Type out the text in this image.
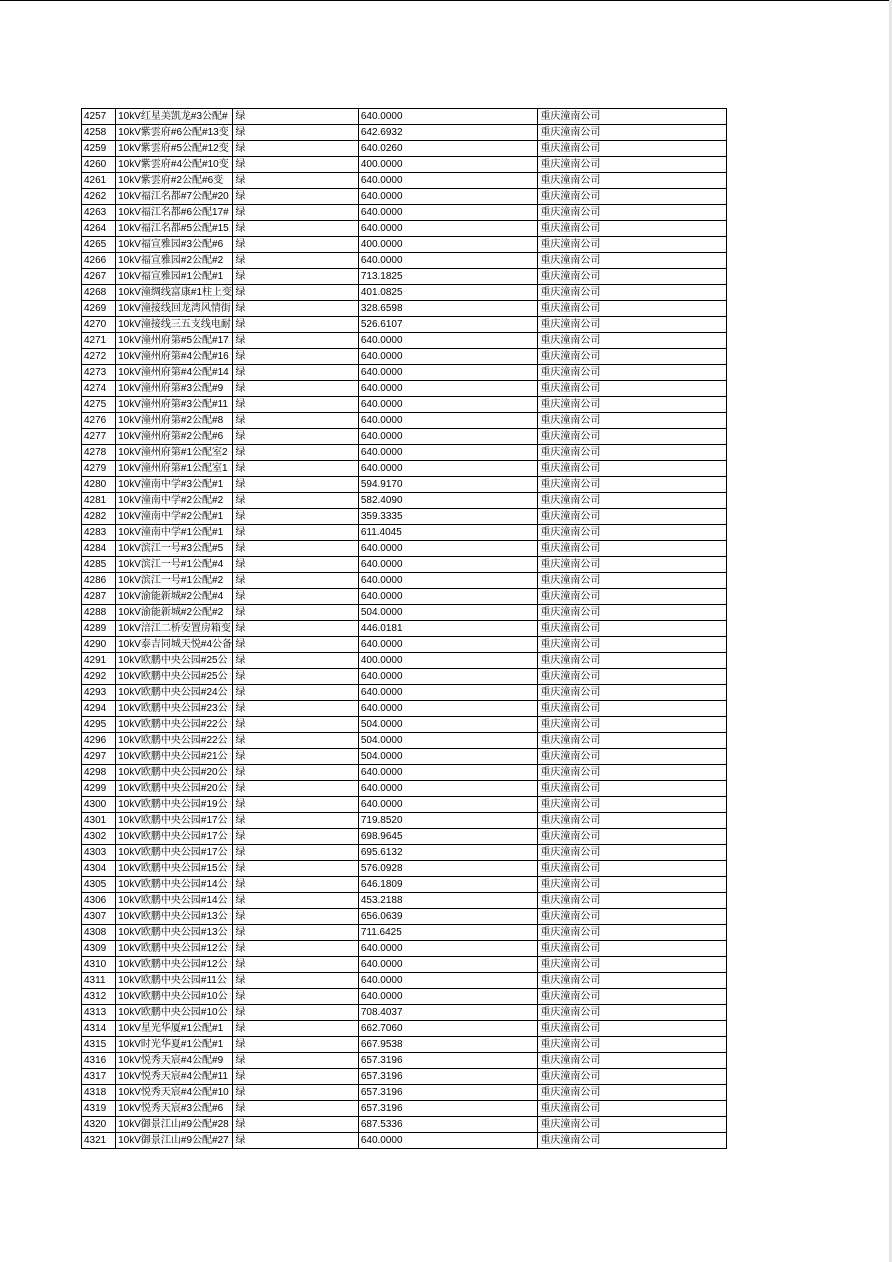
4257	10kV红星美凯龙#3公配#	绿	640.0000	重庆潼南公司
4258	10kV紫雲府#6公配#13变	绿	642.6932	重庆潼南公司
4259	10kV紫雲府#5公配#12变	绿	640.0260	重庆潼南公司
4260	10kV紫雲府#4公配#10变	绿	400.0000	重庆潼南公司
4261	10kV紫雲府#2公配#6变	绿	640.0000	重庆潼南公司
4262	10kV福江名都#7公配#20	绿	640.0000	重庆潼南公司
4263	10kV福江名都#6公配17#	绿	640.0000	重庆潼南公司
4264	10kV福江名都#5公配#15	绿	640.0000	重庆潼南公司
4265	10kV福宣雅园#3公配#6	绿	400.0000	重庆潼南公司
4266	10kV福宣雅园#2公配#2	绿	640.0000	重庆潼南公司
4267	10kV福宣雅园#1公配#1	绿	713.1825	重庆潼南公司
4268	10kV潼绸线富康#1柱上变	绿	401.0825	重庆潼南公司
4269	10kV潼接线回龙湾风情街	绿	328.6598	重庆潼南公司
4270	10kV潼接线三五支线电耐	绿	526.6107	重庆潼南公司
4271	10kV潼州府第#5公配#17	绿	640.0000	重庆潼南公司
4272	10kV潼州府第#4公配#16	绿	640.0000	重庆潼南公司
4273	10kV潼州府第#4公配#14	绿	640.0000	重庆潼南公司
4274	10kV潼州府第#3公配#9	绿	640.0000	重庆潼南公司
4275	10kV潼州府第#3公配#11	绿	640.0000	重庆潼南公司
4276	10kV潼州府第#2公配#8	绿	640.0000	重庆潼南公司
4277	10kV潼州府第#2公配#6	绿	640.0000	重庆潼南公司
4278	10kV潼州府第#1公配室2	绿	640.0000	重庆潼南公司
4279	10kV潼州府第#1公配室1	绿	640.0000	重庆潼南公司
4280	10kV潼南中学#3公配#1	绿	594.9170	重庆潼南公司
4281	10kV潼南中学#2公配#2	绿	582.4090	重庆潼南公司
4282	10kV潼南中学#2公配#1	绿	359.3335	重庆潼南公司
4283	10kV潼南中学#1公配#1	绿	611.4045	重庆潼南公司
4284	10kV滨江一号#3公配#5	绿	640.0000	重庆潼南公司
4285	10kV滨江一号#1公配#4	绿	640.0000	重庆潼南公司
4286	10kV滨江一号#1公配#2	绿	640.0000	重庆潼南公司
4287	10kV渝能新城#2公配#4	绿	640.0000	重庆潼南公司
4288	10kV渝能新城#2公配#2	绿	504.0000	重庆潼南公司
4289	10kV涪江二桥安置房箱变	绿	446.0181	重庆潼南公司
4290	10kV泰吉同城天悦#4公备	绿	640.0000	重庆潼南公司
4291	10kV欧鹏中央公园#25公	绿	400.0000	重庆潼南公司
4292	10kV欧鹏中央公园#25公	绿	640.0000	重庆潼南公司
4293	10kV欧鹏中央公园#24公	绿	640.0000	重庆潼南公司
4294	10kV欧鹏中央公园#23公	绿	640.0000	重庆潼南公司
4295	10kV欧鹏中央公园#22公	绿	504.0000	重庆潼南公司
4296	10kV欧鹏中央公园#22公	绿	504.0000	重庆潼南公司
4297	10kV欧鹏中央公园#21公	绿	504.0000	重庆潼南公司
4298	10kV欧鹏中央公园#20公	绿	640.0000	重庆潼南公司
4299	10kV欧鹏中央公园#20公	绿	640.0000	重庆潼南公司
4300	10kV欧鹏中央公园#19公	绿	640.0000	重庆潼南公司
4301	10kV欧鹏中央公园#17公	绿	719.8520	重庆潼南公司
4302	10kV欧鹏中央公园#17公	绿	698.9645	重庆潼南公司
4303	10kV欧鹏中央公园#17公	绿	695.6132	重庆潼南公司
4304	10kV欧鹏中央公园#15公	绿	576.0928	重庆潼南公司
4305	10kV欧鹏中央公园#14公	绿	646.1809	重庆潼南公司
4306	10kV欧鹏中央公园#14公	绿	453.2188	重庆潼南公司
4307	10kV欧鹏中央公园#13公	绿	656.0639	重庆潼南公司
4308	10kV欧鹏中央公园#13公	绿	711.6425	重庆潼南公司
4309	10kV欧鹏中央公园#12公	绿	640.0000	重庆潼南公司
4310	10kV欧鹏中央公园#12公	绿	640.0000	重庆潼南公司
4311	10kV欧鹏中央公园#11公	绿	640.0000	重庆潼南公司
4312	10kV欧鹏中央公园#10公	绿	640.0000	重庆潼南公司
4313	10kV欧鹏中央公园#10公	绿	708.4037	重庆潼南公司
4314	10kV星光华厦#1公配#1	绿	662.7060	重庆潼南公司
4315	10kV时光华夏#1公配#1	绿	667.9538	重庆潼南公司
4316	10kV悦秀天宸#4公配#9	绿	657.3196	重庆潼南公司
4317	10kV悦秀天宸#4公配#11	绿	657.3196	重庆潼南公司
4318	10kV悦秀天宸#4公配#10	绿	657.3196	重庆潼南公司
4319	10kV悦秀天宸#3公配#6	绿	657.3196	重庆潼南公司
4320	10kV御景江山#9公配#28	绿	687.5336	重庆潼南公司
4321	10kV御景江山#9公配#27	绿	640.0000	重庆潼南公司
